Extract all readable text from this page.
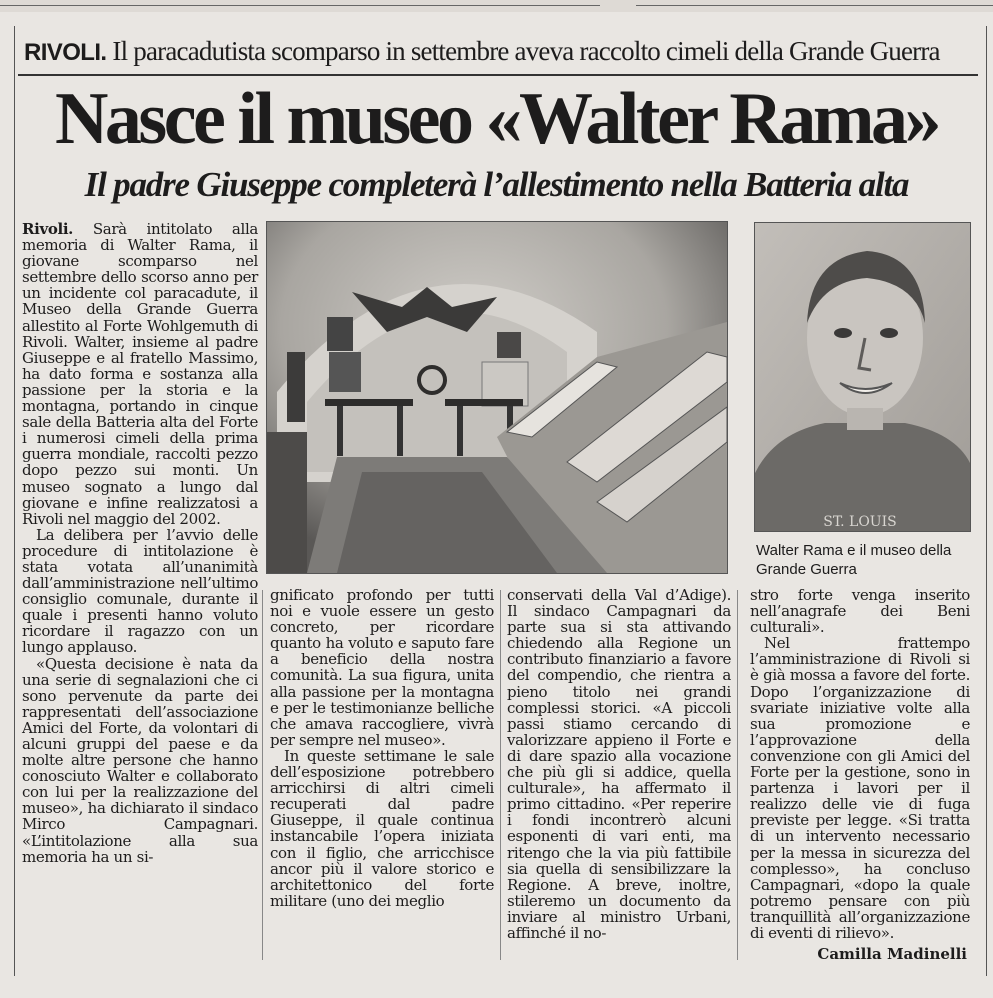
RIVOLI. Il paracadutista scomparso in settembre aveva raccolto cimeli della Grande Guerra
Nasce il museo «Walter Rama»
Il padre Giuseppe completerà l’allestimento nella Batteria alta
ST. LOUIS
Walter Rama e il museo della Grande Guerra

Rivoli. Sarà intitolato alla memoria di Walter Rama, il giovane scomparso nel settembre dello scorso anno per un incidente col paracadute, il Museo della Grande Guerra allestito al Forte Wohlgemuth di Rivoli. Walter, insieme al padre Giuseppe e al fratello Massimo, ha dato forma e sostanza alla passione per la storia e la montagna, portando in cinque sale della Batteria alta del Forte i numerosi cimeli della prima guerra mondiale, raccolti pezzo dopo pezzo sui monti. Un museo sognato a lungo dal giovane e infine realizzatosi a Rivoli nel maggio del 2002.

La delibera per l’avvio delle procedure di intitolazione è stata votata all’unanimità dall’amministrazione nell’ultimo consiglio comunale, durante il quale i presenti hanno voluto ricordare il ragazzo con un lungo applauso.

«Questa decisione è nata da una serie di segnalazioni che ci sono pervenute da parte dei rappresentati dell’associazione Amici del Forte, da volontari di alcuni gruppi del paese e da molte altre persone che hanno conosciuto Walter e collaborato con lui per la realizzazione del museo», ha dichiarato il sindaco Mirco Campagnari. «L’intitolazione alla sua memoria ha un si-

gnificato profondo per tutti noi e vuole essere un gesto concreto, per ricordare quanto ha voluto e saputo fare a beneficio della nostra comunità. La sua figura, unita alla passione per la montagna e per le testimonianze belliche che amava raccogliere, vivrà per sempre nel museo».

In queste settimane le sale dell’esposizione potrebbero arricchirsi di altri cimeli recuperati dal padre Giuseppe, il quale continua instancabile l’opera iniziata con il figlio, che arricchisce ancor più il valore storico e architettonico del forte militare (uno dei meglio

conservati della Val d’Adige). Il sindaco Campagnari da parte sua si sta attivando chiedendo alla Regione un contributo finanziario a favore del compendio, che rientra a pieno titolo nei grandi complessi storici. «A piccoli passi stiamo cercando di valorizzare appieno il Forte e di dare spazio alla vocazione che più gli si addice, quella culturale», ha affermato il primo cittadino. «Per reperire i fondi incontrerò alcuni esponenti di vari enti, ma ritengo che la via più fattibile sia quella di sensibilizzare la Regione. A breve, inoltre, stileremo un documento da inviare al ministro Urbani, affinché il no-

stro forte venga inserito nell’anagrafe dei Beni culturali».

Nel frattempo l’amministrazione di Rivoli si è già mossa a favore del forte. Dopo l’organizzazione di svariate iniziative volte alla sua promozione e l’approvazione della convenzione con gli Amici del Forte per la gestione, sono in partenza i lavori per il realizzo delle vie di fuga previste per legge. «Si tratta di un intervento necessario per la messa in sicurezza del complesso», ha concluso Campagnari, «dopo la quale potremo pensare con più tranquillità all’organizzazione di eventi di rilievo».

Camilla Madinelli
